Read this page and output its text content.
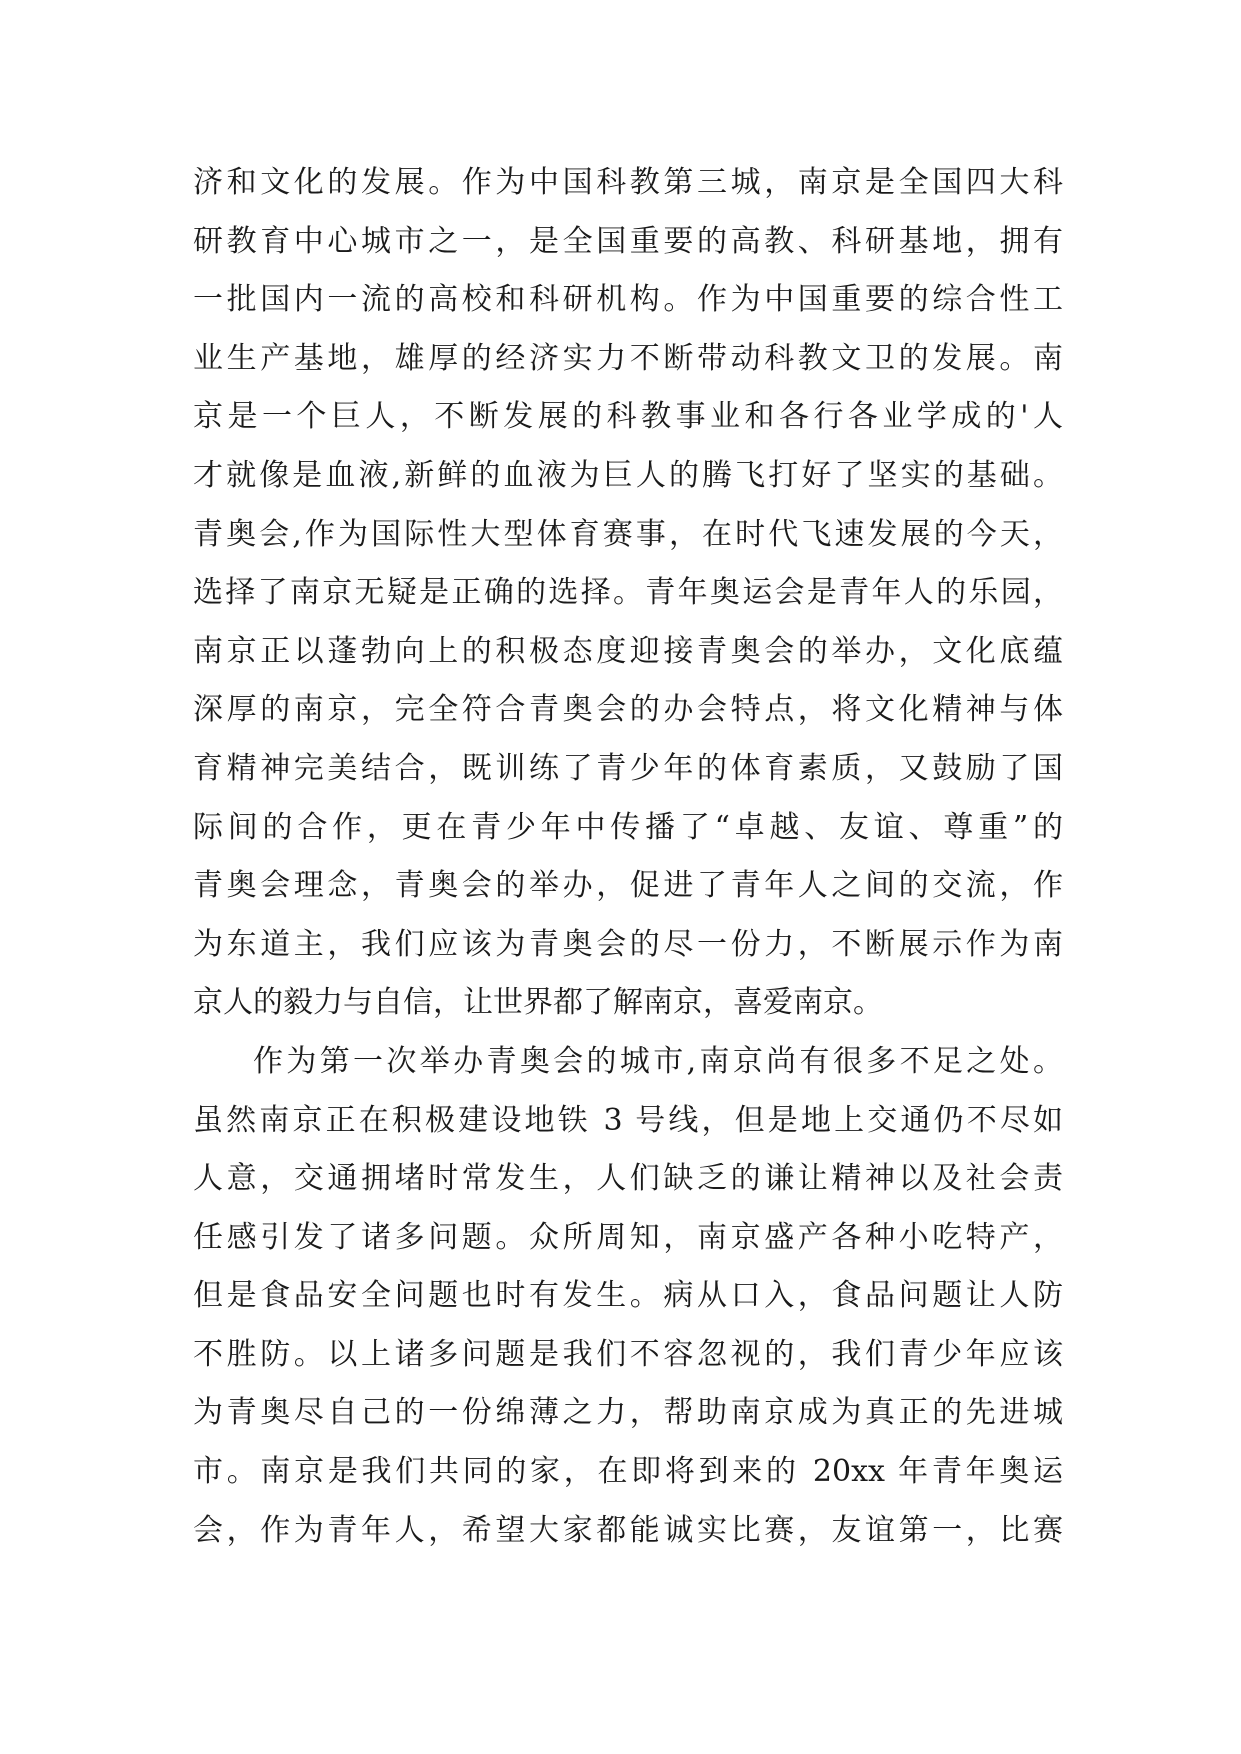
济和文化的发展。作为中国科教第三城，南京是全国四大科
研教育中心城市之一，是全国重要的高教、科研基地，拥有
一批国内一流的高校和科研机构。作为中国重要的综合性工
业生产基地，雄厚的经济实力不断带动科教文卫的发展。南
京是一个巨人，不断发展的科教事业和各行各业学成的'人
才就像是血液,新鲜的血液为巨人的腾飞打好了坚实的基础。
青奥会,作为国际性大型体育赛事，在时代飞速发展的今天，
选择了南京无疑是正确的选择。青年奥运会是青年人的乐园，
南京正以蓬勃向上的积极态度迎接青奥会的举办，文化底蕴
深厚的南京，完全符合青奥会的办会特点，将文化精神与体
育精神完美结合，既训练了青少年的体育素质，又鼓励了国
际间的合作，更在青少年中传播了“卓越、友谊、尊重”的
青奥会理念，青奥会的举办，促进了青年人之间的交流，作
为东道主，我们应该为青奥会的尽一份力，不断展示作为南
京人的毅力与自信，让世界都了解南京，喜爱南京。
作为第一次举办青奥会的城市,南京尚有很多不足之处。
虽然南京正在积极建设地铁 3 号线，但是地上交通仍不尽如
人意，交通拥堵时常发生，人们缺乏的谦让精神以及社会责
任感引发了诸多问题。众所周知，南京盛产各种小吃特产，
但是食品安全问题也时有发生。病从口入，食品问题让人防
不胜防。以上诸多问题是我们不容忽视的，我们青少年应该
为青奥尽自己的一份绵薄之力，帮助南京成为真正的先进城
市。南京是我们共同的家，在即将到来的 20xx 年青年奥运
会，作为青年人，希望大家都能诚实比赛，友谊第一，比赛
